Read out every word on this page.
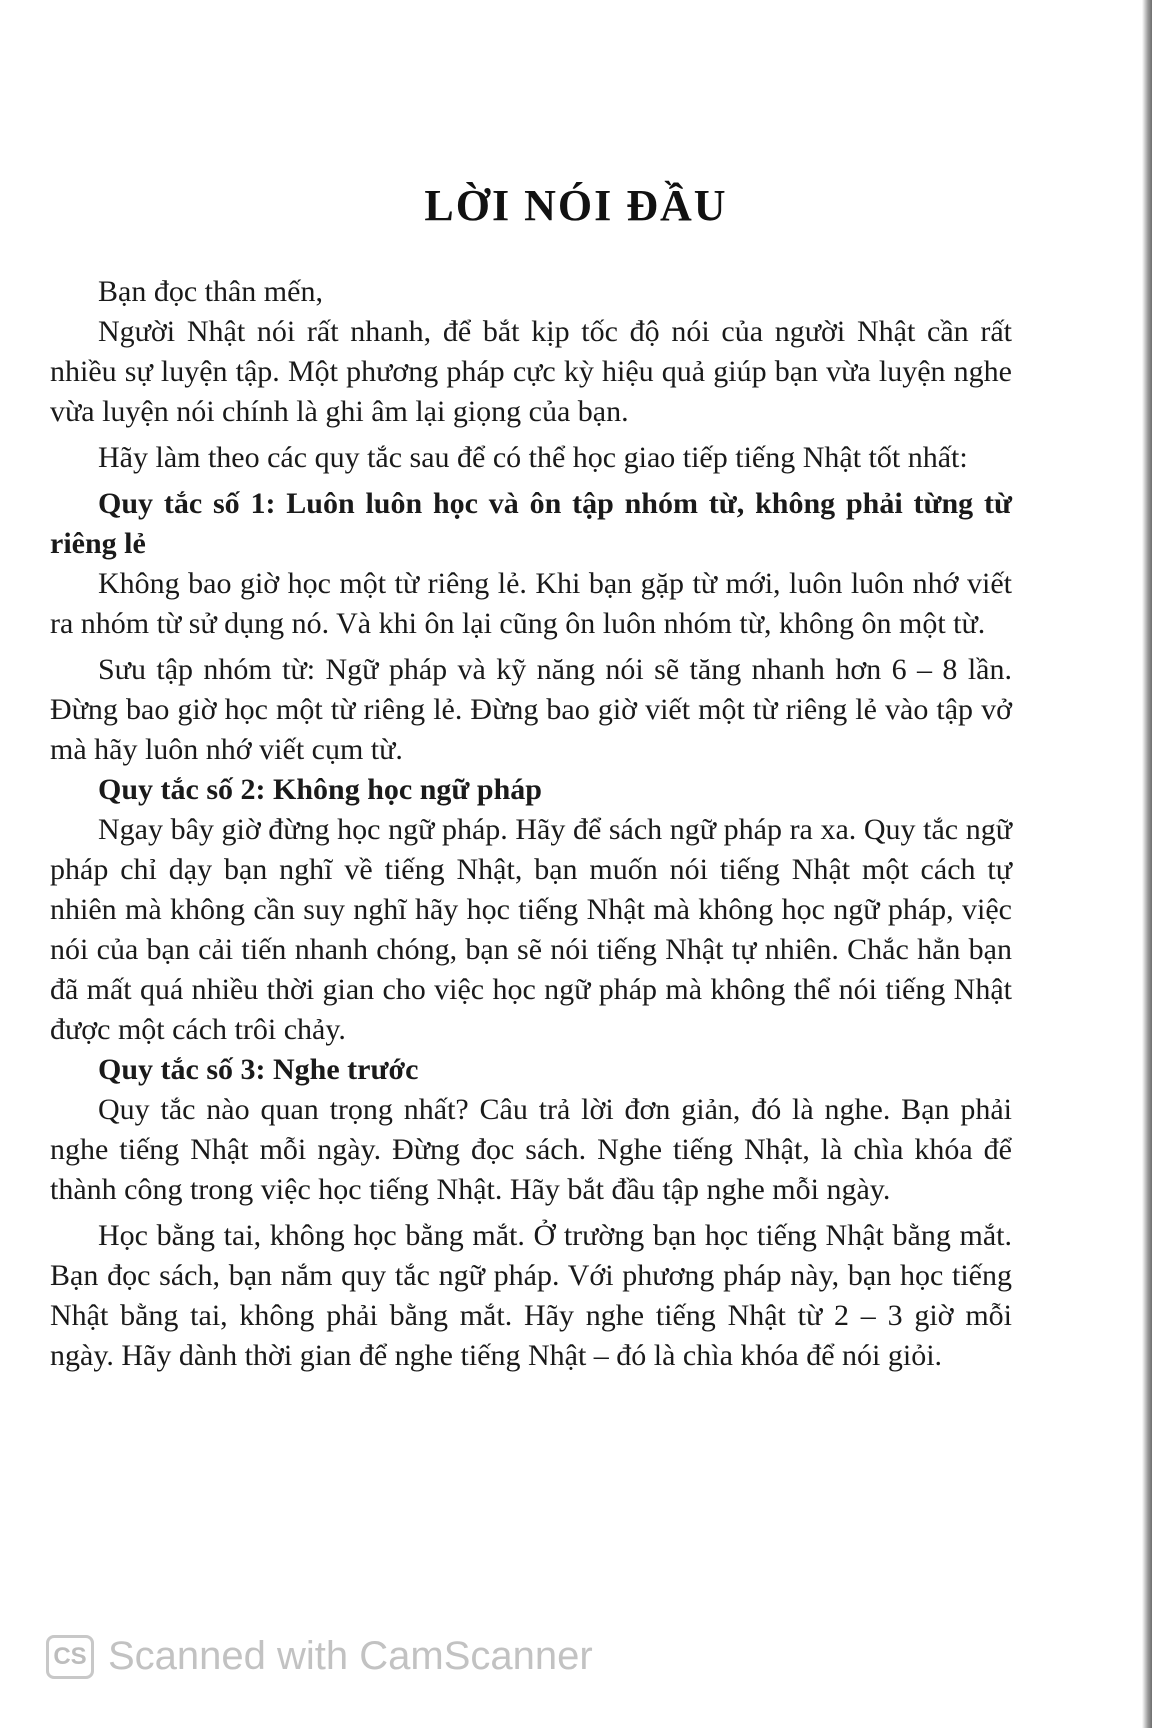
LỜI NÓI ĐẦU

Bạn đọc thân mến,

Người Nhật nói rất nhanh, để bắt kịp tốc độ nói của người Nhật cần rất nhiều sự luyện tập. Một phương pháp cực kỳ hiệu quả giúp bạn vừa luyện nghe vừa luyện nói chính là ghi âm lại giọng của bạn.

Hãy làm theo các quy tắc sau để có thể học giao tiếp tiếng Nhật tốt nhất:

Quy tắc số 1: Luôn luôn học và ôn tập nhóm từ, không phải từng từ riêng lẻ

Không bao giờ học một từ riêng lẻ. Khi bạn gặp từ mới, luôn luôn nhớ viết ra nhóm từ sử dụng nó. Và khi ôn lại cũng ôn luôn nhóm từ, không ôn một từ.

Sưu tập nhóm từ: Ngữ pháp và kỹ năng nói sẽ tăng nhanh hơn 6 – 8 lần. Đừng bao giờ học một từ riêng lẻ. Đừng bao giờ viết một từ riêng lẻ vào tập vở mà hãy luôn nhớ viết cụm từ.

Quy tắc số 2: Không học ngữ pháp

Ngay bây giờ đừng học ngữ pháp. Hãy để sách ngữ pháp ra xa. Quy tắc ngữ pháp chỉ dạy bạn nghĩ về tiếng Nhật, bạn muốn nói tiếng Nhật một cách tự nhiên mà không cần suy nghĩ hãy học tiếng Nhật mà không học ngữ pháp, việc nói của bạn cải tiến nhanh chóng, bạn sẽ nói tiếng Nhật tự nhiên. Chắc hẳn bạn đã mất quá nhiều thời gian cho việc học ngữ pháp mà không thể nói tiếng Nhật được một cách trôi chảy.

Quy tắc số 3: Nghe trước

Quy tắc nào quan trọng nhất? Câu trả lời đơn giản, đó là nghe. Bạn phải nghe tiếng Nhật mỗi ngày. Đừng đọc sách. Nghe tiếng Nhật, là chìa khóa để thành công trong việc học tiếng Nhật. Hãy bắt đầu tập nghe mỗi ngày.

Học bằng tai, không học bằng mắt. Ở trường bạn học tiếng Nhật bằng mắt. Bạn đọc sách, bạn nắm quy tắc ngữ pháp. Với phương pháp này, bạn học tiếng Nhật bằng tai, không phải bằng mắt. Hãy nghe tiếng Nhật từ 2 – 3 giờ mỗi ngày. Hãy dành thời gian để nghe tiếng Nhật – đó là chìa khóa để nói giỏi.

CS Scanned with CamScanner
